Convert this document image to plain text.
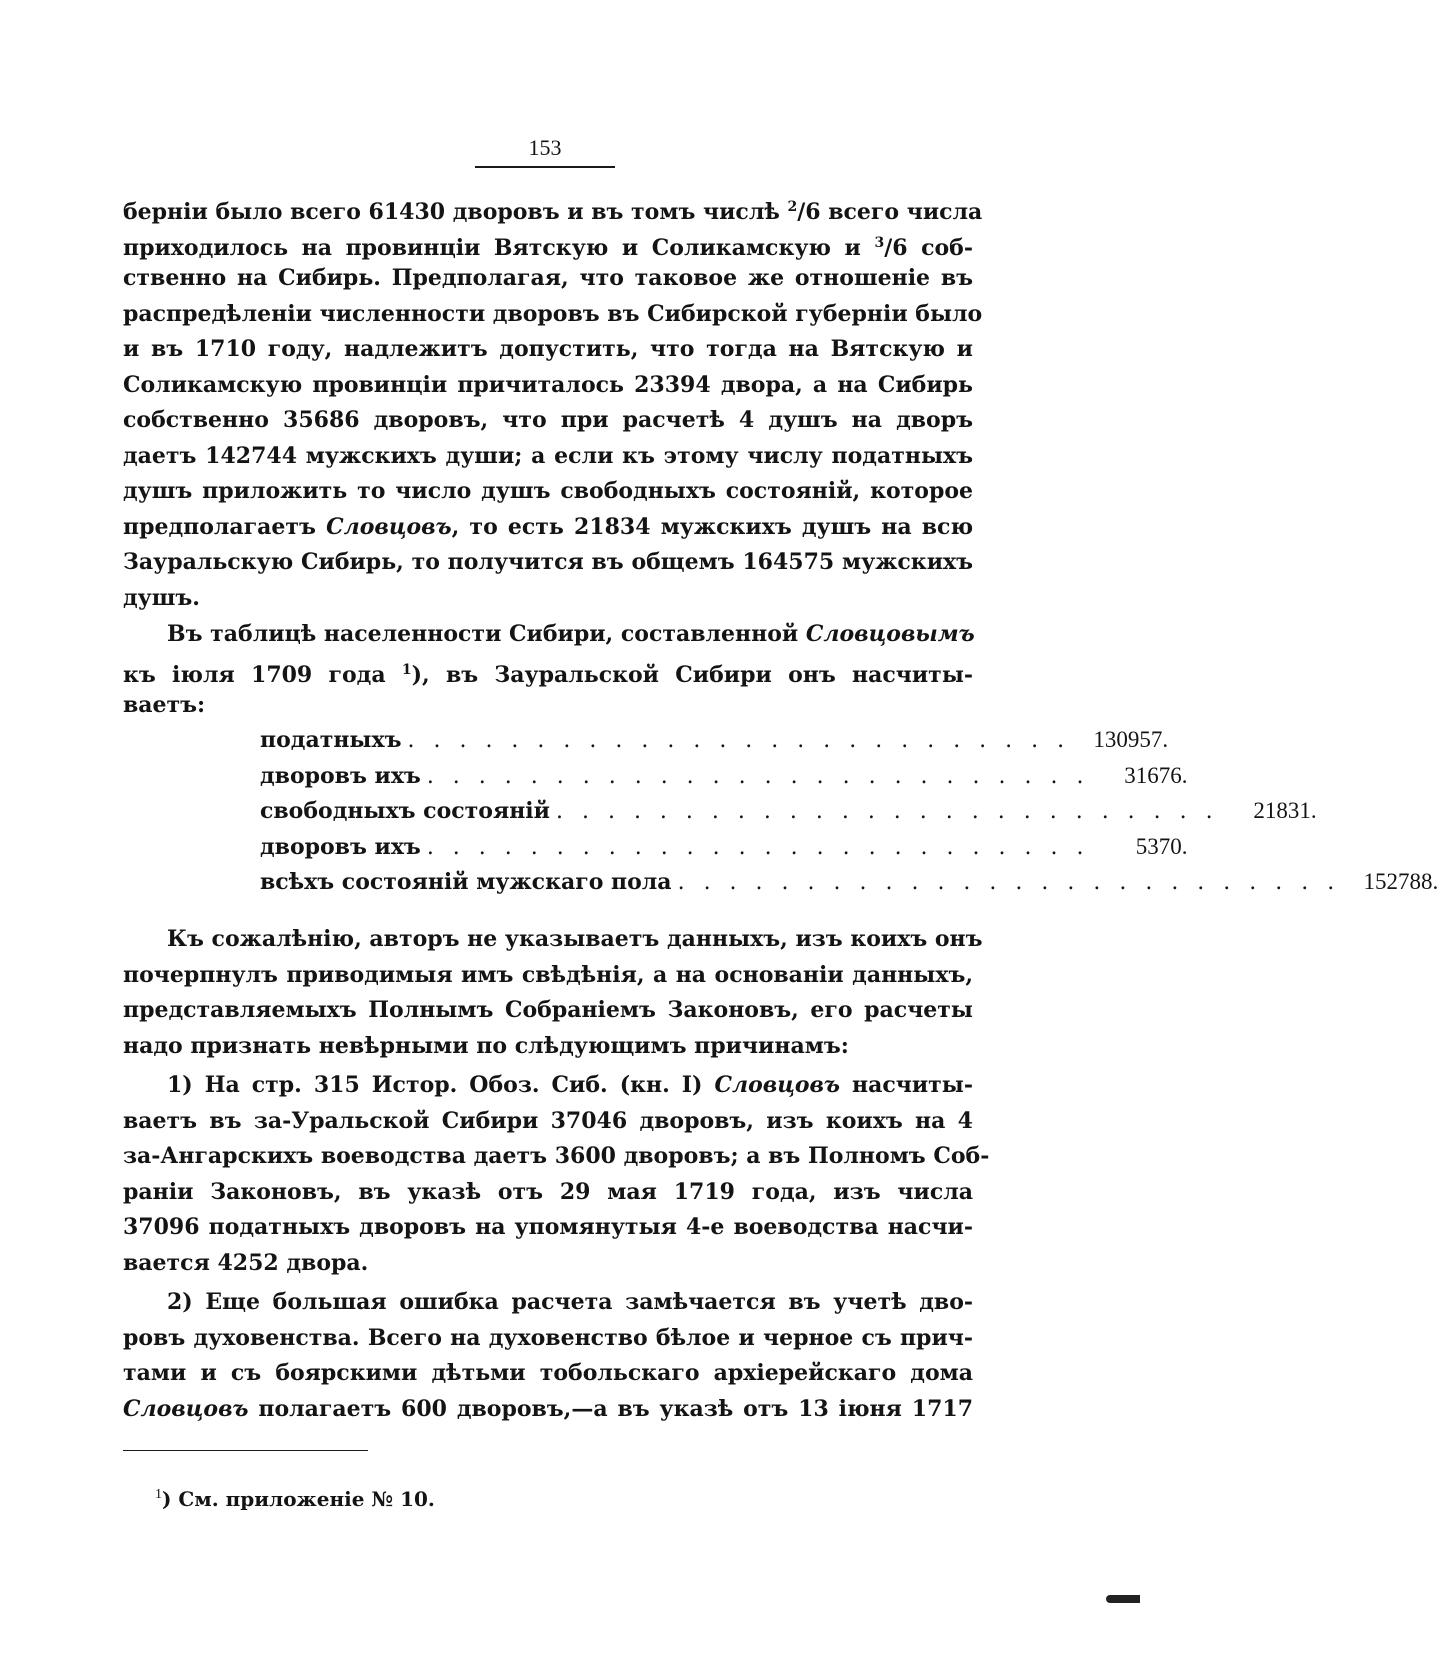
153
берніи было всего 61430 дворовъ и въ томъ числѣ $^2$/6 всего числа
приходилось на провинціи Вятскую и Соликамскую и $^3$/6 соб-
ственно на Сибирь. Предполагая, что таковое же отношеніе въ
распредѣленіи численности дворовъ въ Сибирской губерніи было
и въ 1710 году, надлежитъ допустить, что тогда на Вятскую и
Соликамскую провинціи причиталось 23394 двора, а на Сибирь
собственно 35686 дворовъ, что при расчетѣ 4 душъ на дворъ
даетъ 142744 мужскихъ души; а если къ этому числу податныхъ
душъ приложить то число душъ свободныхъ состояній, которое
предполагаетъ Словцовъ, то есть 21834 мужскихъ душъ на всю
Зауральскую Сибирь, то получится въ общемъ 164575 мужскихъ
душъ.
Въ таблицѣ населенности Сибири, составленной Словцовымъ
къ іюля 1709 года $^1$), въ Зауральской Сибири онъ насчиты-
ваетъ:
податныхъ . . . . . . . . . . . . . . . . . . . . . . . . . .	130957.
дворовъ ихъ . . . . . . . . . . . . . . . . . . . . . . . . . .	31676.
свободныхъ состояній . . . . . . . . . . . . . . . . . . . . . . . . . .	21831.
дворовъ ихъ . . . . . . . . . . . . . . . . . . . . . . . . . .	5370.
всѣхъ состояній мужскаго пола . . . . . . . . . . . . . . . . . . . . . . . . . .	152788.
Къ сожалѣнію, авторъ не указываетъ данныхъ, изъ коихъ онъ
почерпнулъ приводимыя имъ свѣдѣнія, а на основаніи данныхъ,
представляемыхъ Полнымъ Собраніемъ Законовъ, его расчеты
надо признать невѣрными по слѣдующимъ причинамъ:
1) На стр. 315 Истор. Обоз. Сиб. (кн. I) Словцовъ насчиты-
ваетъ въ за-Уральской Сибири 37046 дворовъ, изъ коихъ на 4
за-Ангарскихъ воеводства даетъ 3600 дворовъ; а въ Полномъ Соб-
раніи Законовъ, въ указѣ отъ 29 мая 1719 года, изъ числа
37096 податныхъ дворовъ на упомянутыя 4-е воеводства насчи-
вается 4252 двора.
2) Еще большая ошибка расчета замѣчается въ учетѣ дво-
ровъ духовенства. Всего на духовенство бѣлое и черное съ прич-
тами и съ боярскими дѣтьми тобольскаго архіерейскаго дома
Словцовъ полагаетъ 600 дворовъ,—а въ указѣ отъ 13 іюня 1717
$^1$) См. приложеніе № 10.
